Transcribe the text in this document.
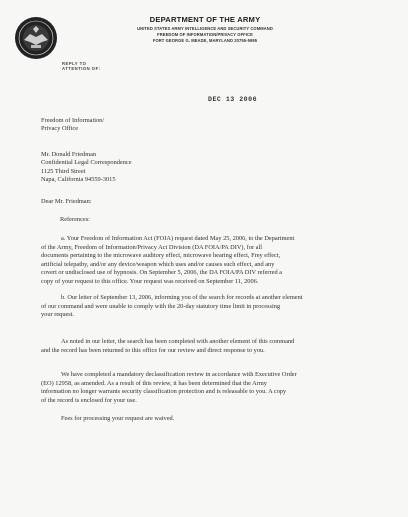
DEPARTMENT OF THE ARMY
UNITED STATES ARMY INTELLIGENCE AND SECURITY COMMAND
FREEDOM OF INFORMATION/PRIVACY OFFICE
FORT GEORGE G. MEADE, MARYLAND 20755-5995
REPLY TO
ATTENTION OF:
DEC 13 2006
Freedom of Information/
Privacy Office
Mr. Donald Friedman
Confidential Legal Correspondence
1125 Third Street
Napa, California 94559-3015
Dear Mr. Friedman:
References:
a. Your Freedom of Information Act (FOIA) request dated May 25, 2006, to the Department
of the Army, Freedom of Information/Privacy Act Division (DA FOIA/PA DIV), for all
documents pertaining to the microwave auditory effect, microwave hearing effect, Frey effect,
artificial telepathy, and/or any device/weapon which uses and/or causes such effect, and any
covert or undisclosed use of hypnosis. On September 5, 2006, the DA FOIA/PA DIV referred a
copy of your request to this office. Your request was received on September 11, 2006.
b. Our letter of September 13, 2006, informing you of the search for records at another element
of our command and were unable to comply with the 20-day statutory time limit in processing
your request.
As noted in our letter, the search has been completed with another element of this command
and the record has been returned to this office for our review and direct response to you.
We have completed a mandatory declassification review in accordance with Executive Order
(EO) 12958, as amended. As a result of this review, it has been determined that the Army
information no longer warrants security classification protection and is releasable to you. A copy
of the record is enclosed for your use.
Fees for processing your request are waived.
